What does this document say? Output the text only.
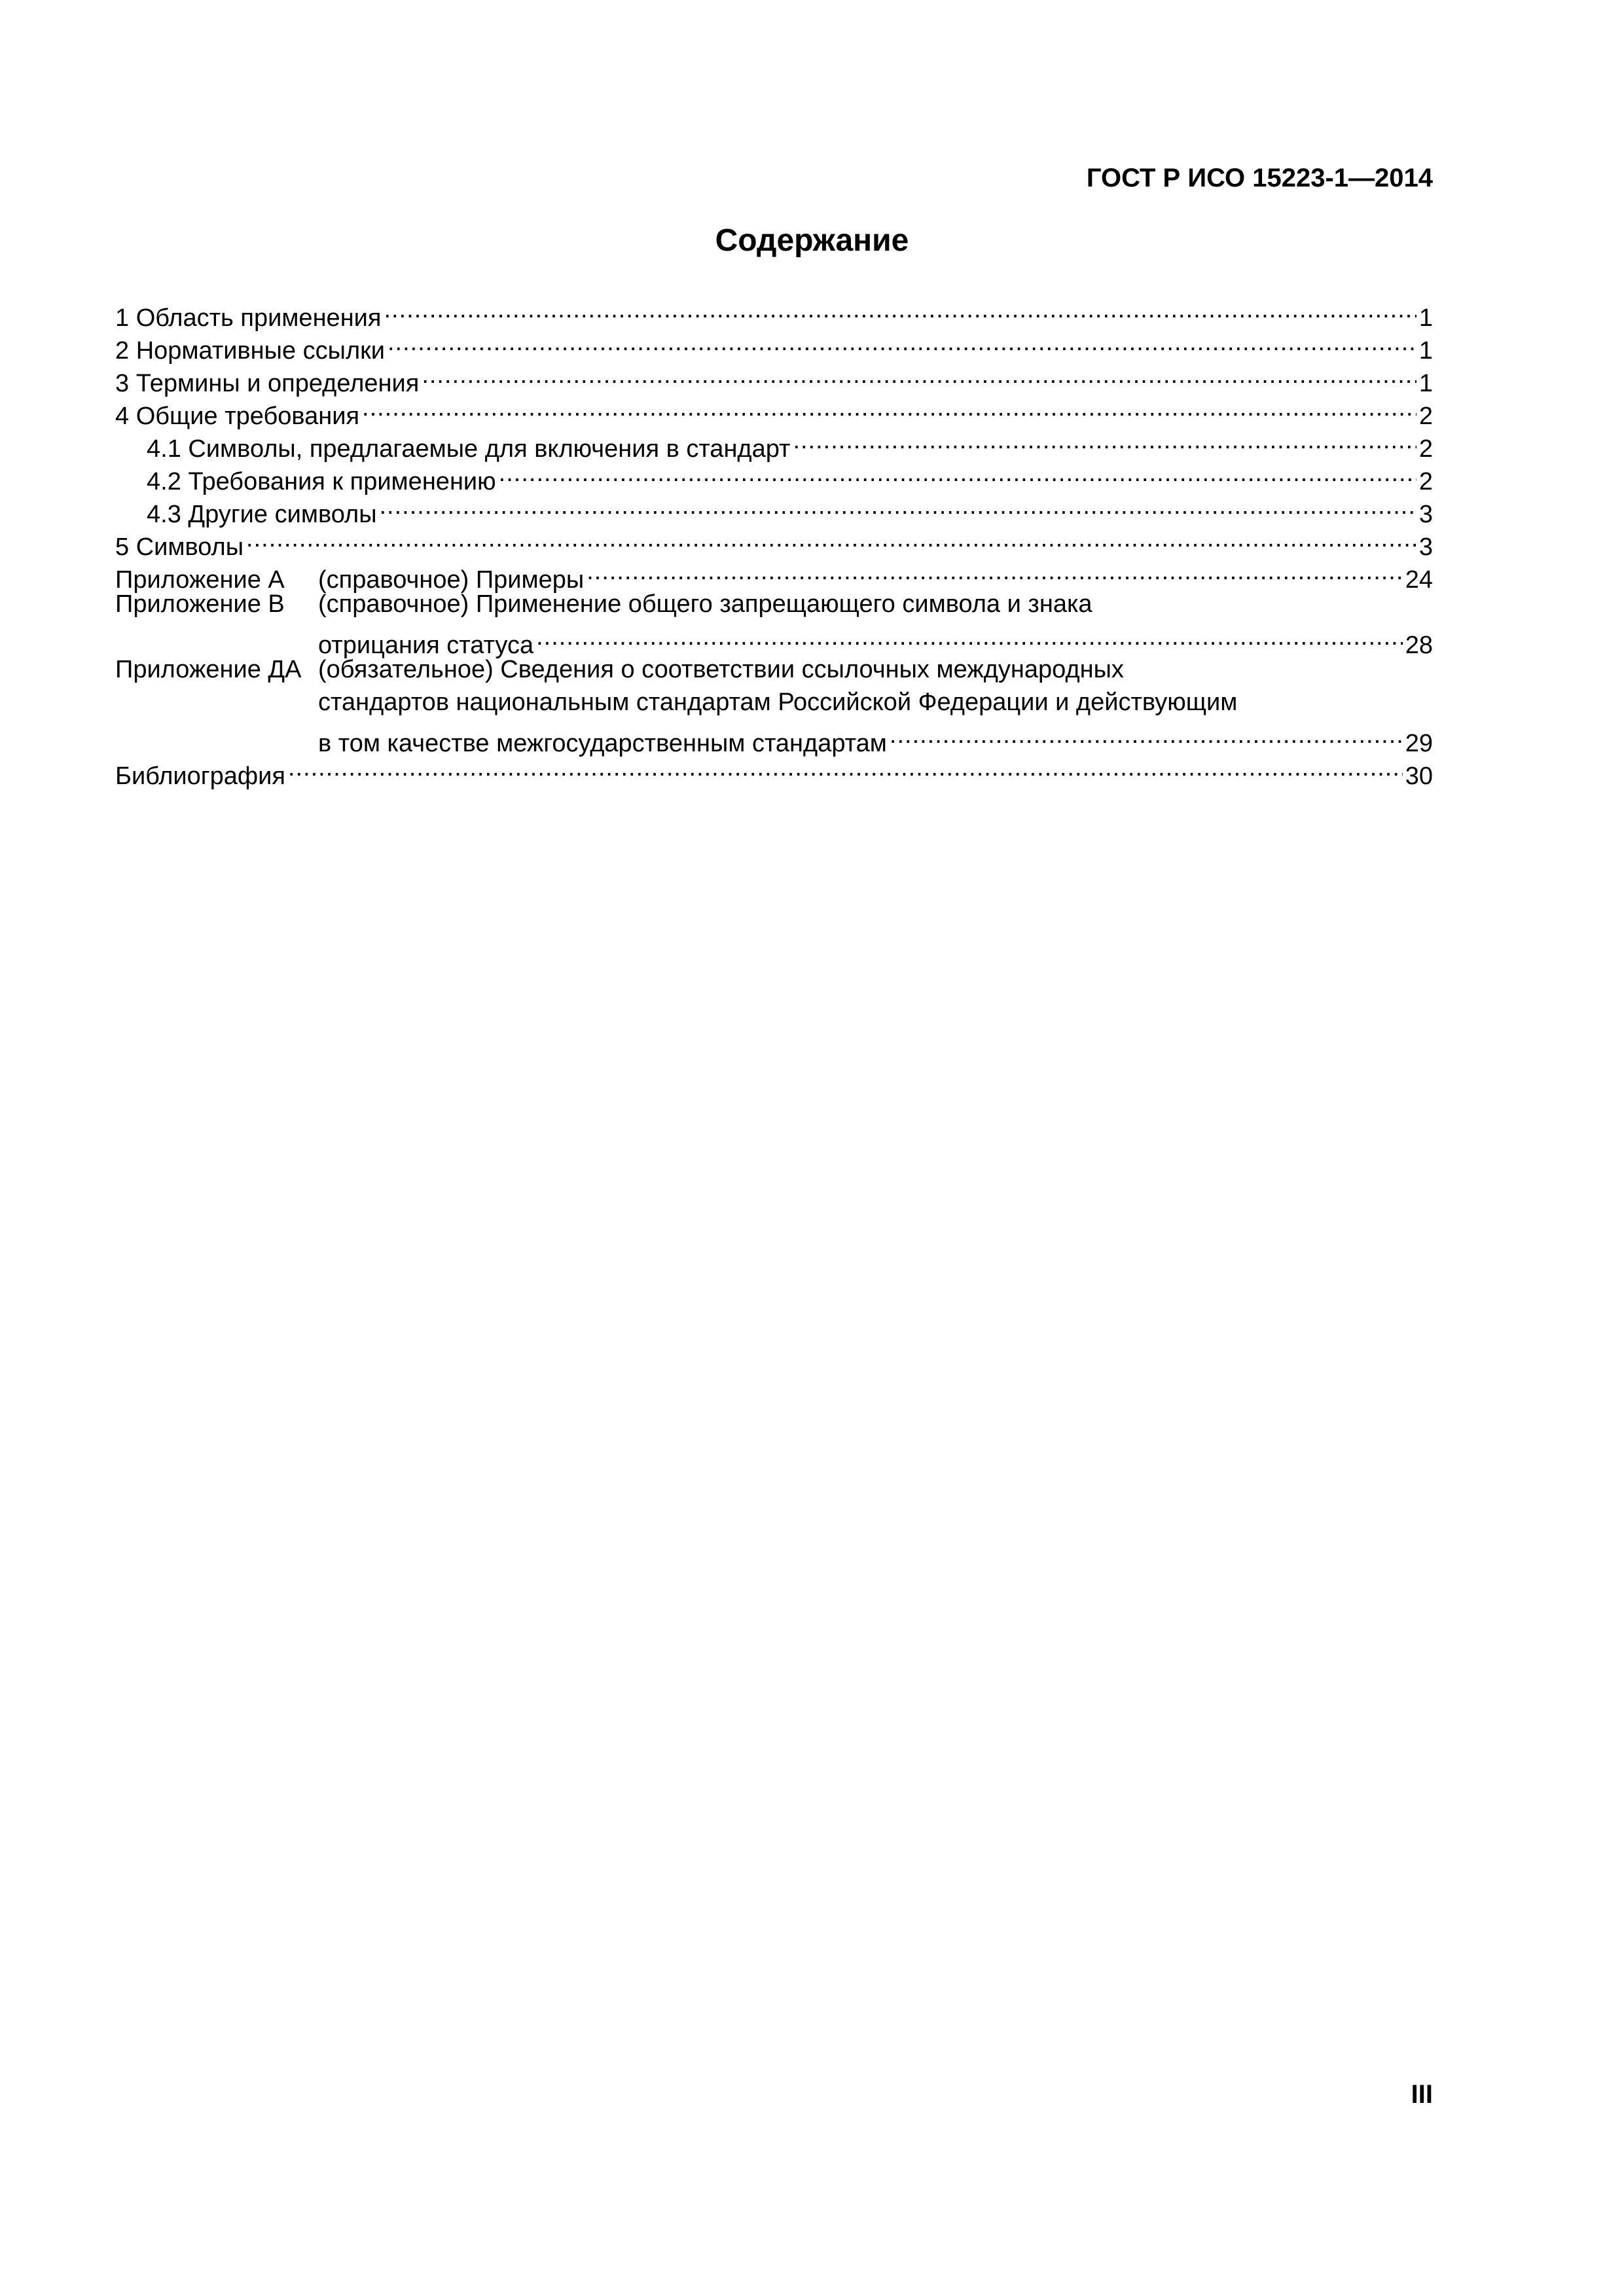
ГОСТ Р ИСО 15223-1—2014
Содержание
1 Область применения .....	1
2 Нормативные ссылки .....	1
3 Термины и определения .....	1
4 Общие требования .....	2
4.1 Символы, предлагаемые для включения в стандарт .....	2
4.2 Требования к применению .....	2
4.3 Другие символы .....	3
5 Символы .....	3
Приложение А (справочное) Примеры .....	24
Приложение В (справочное) Применение общего запрещающего символа и знака
отрицания статуса .....	28
Приложение ДА (обязательное) Сведения о соответствии ссылочных международных
стандартов национальным стандартам Российской Федерации и действующим
в том качестве межгосударственным стандартам .....	29
Библиография .....	30
III
